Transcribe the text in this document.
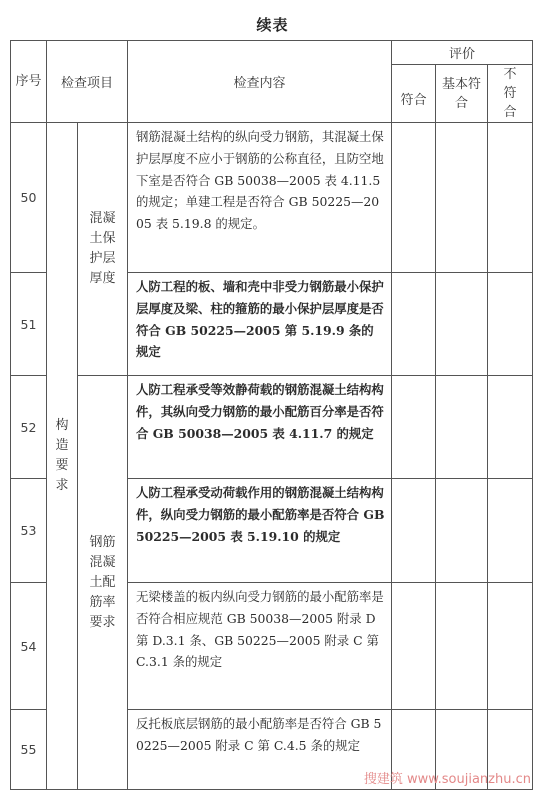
续表
序号	检查项目		检查内容	评价		
				符合	基本符合	不符合
50	构造要求	混凝土保护层厚度	钢筋混凝土结构的纵向受力钢筋，其混凝土保护层厚度不应小于钢筋的公称直径，且防空地下室是否符合 GB 50038—2005 表 4.11.5 的规定；单建工程是否符合 GB 50225—2005 表 5.19.8 的规定。			
51			人防工程的板、墙和壳中非受力钢筋最小保护层厚度及梁、柱的箍筋的最小保护层厚度是否符合 GB 50225—2005 第 5.19.9 条的规定			
52		钢筋混凝土配筋率要求	人防工程承受等效静荷载的钢筋混凝土结构构件，其纵向受力钢筋的最小配筋百分率是否符合 GB 50038—2005 表 4.11.7 的规定			
53			人防工程承受动荷载作用的钢筋混凝土结构构件，纵向受力钢筋的最小配筋率是否符合 GB 50225—2005 表 5.19.10 的规定			
54			无梁楼盖的板内纵向受力钢筋的最小配筋率是否符合相应规范 GB 50038—2005 附录 D 第 D.3.1 条、GB 50225—2005 附录 C 第 C.3.1 条的规定			
55			反托板底层钢筋的最小配筋率是否符合 GB 50225—2005 附录 C 第 C.4.5 条的规定			
搜建筑 www.soujianzhu.cn
